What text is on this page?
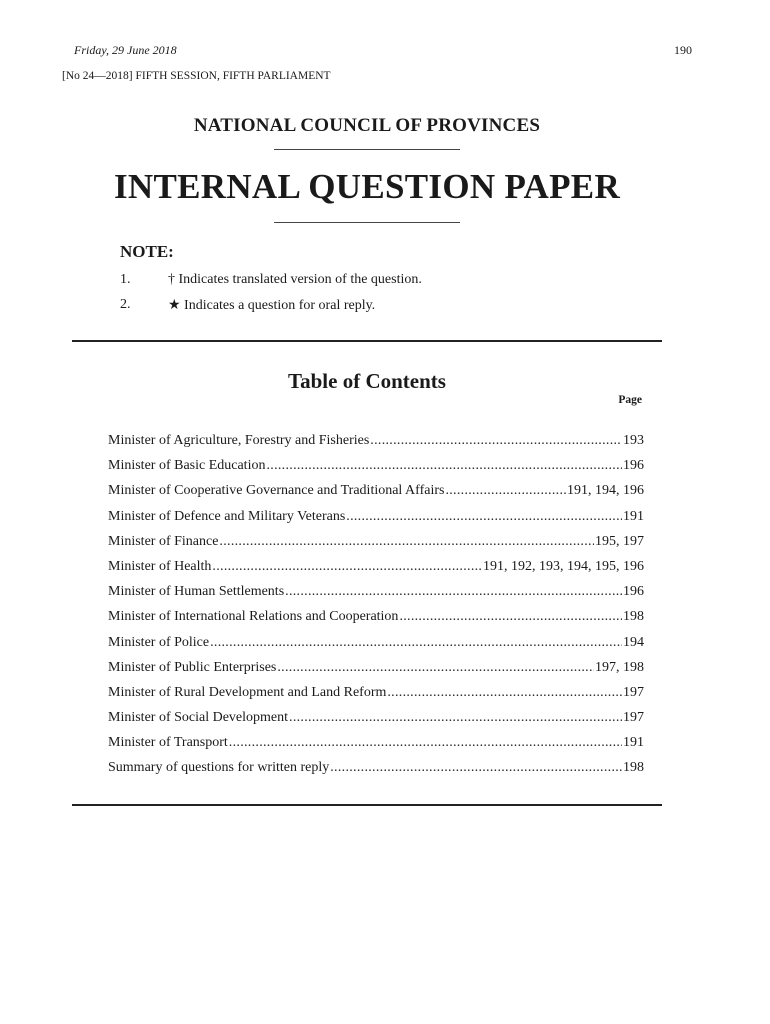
Friday, 29 June 2018	190
[No 24—2018] FIFTH SESSION, FIFTH PARLIAMENT
NATIONAL COUNCIL OF PROVINCES
INTERNAL QUESTION PAPER
NOTE:
1.	† Indicates translated version of the question.
2.	★ Indicates a question for oral reply.
Table of Contents
Page
Minister of Agriculture, Forestry and Fisheries .....	193
Minister of Basic Education .....	196
Minister of Cooperative Governance and Traditional Affairs .....	191, 194, 196
Minister of Defence and Military Veterans .....	191
Minister of Finance .....	195, 197
Minister of Health .....	191, 192, 193, 194, 195, 196
Minister of Human Settlements .....	196
Minister of International Relations and Cooperation .....	198
Minister of Police .....	194
Minister of Public Enterprises .....	197, 198
Minister of Rural Development and Land Reform .....	197
Minister of Social Development .....	197
Minister of Transport .....	191
Summary of questions for written reply .....	198
